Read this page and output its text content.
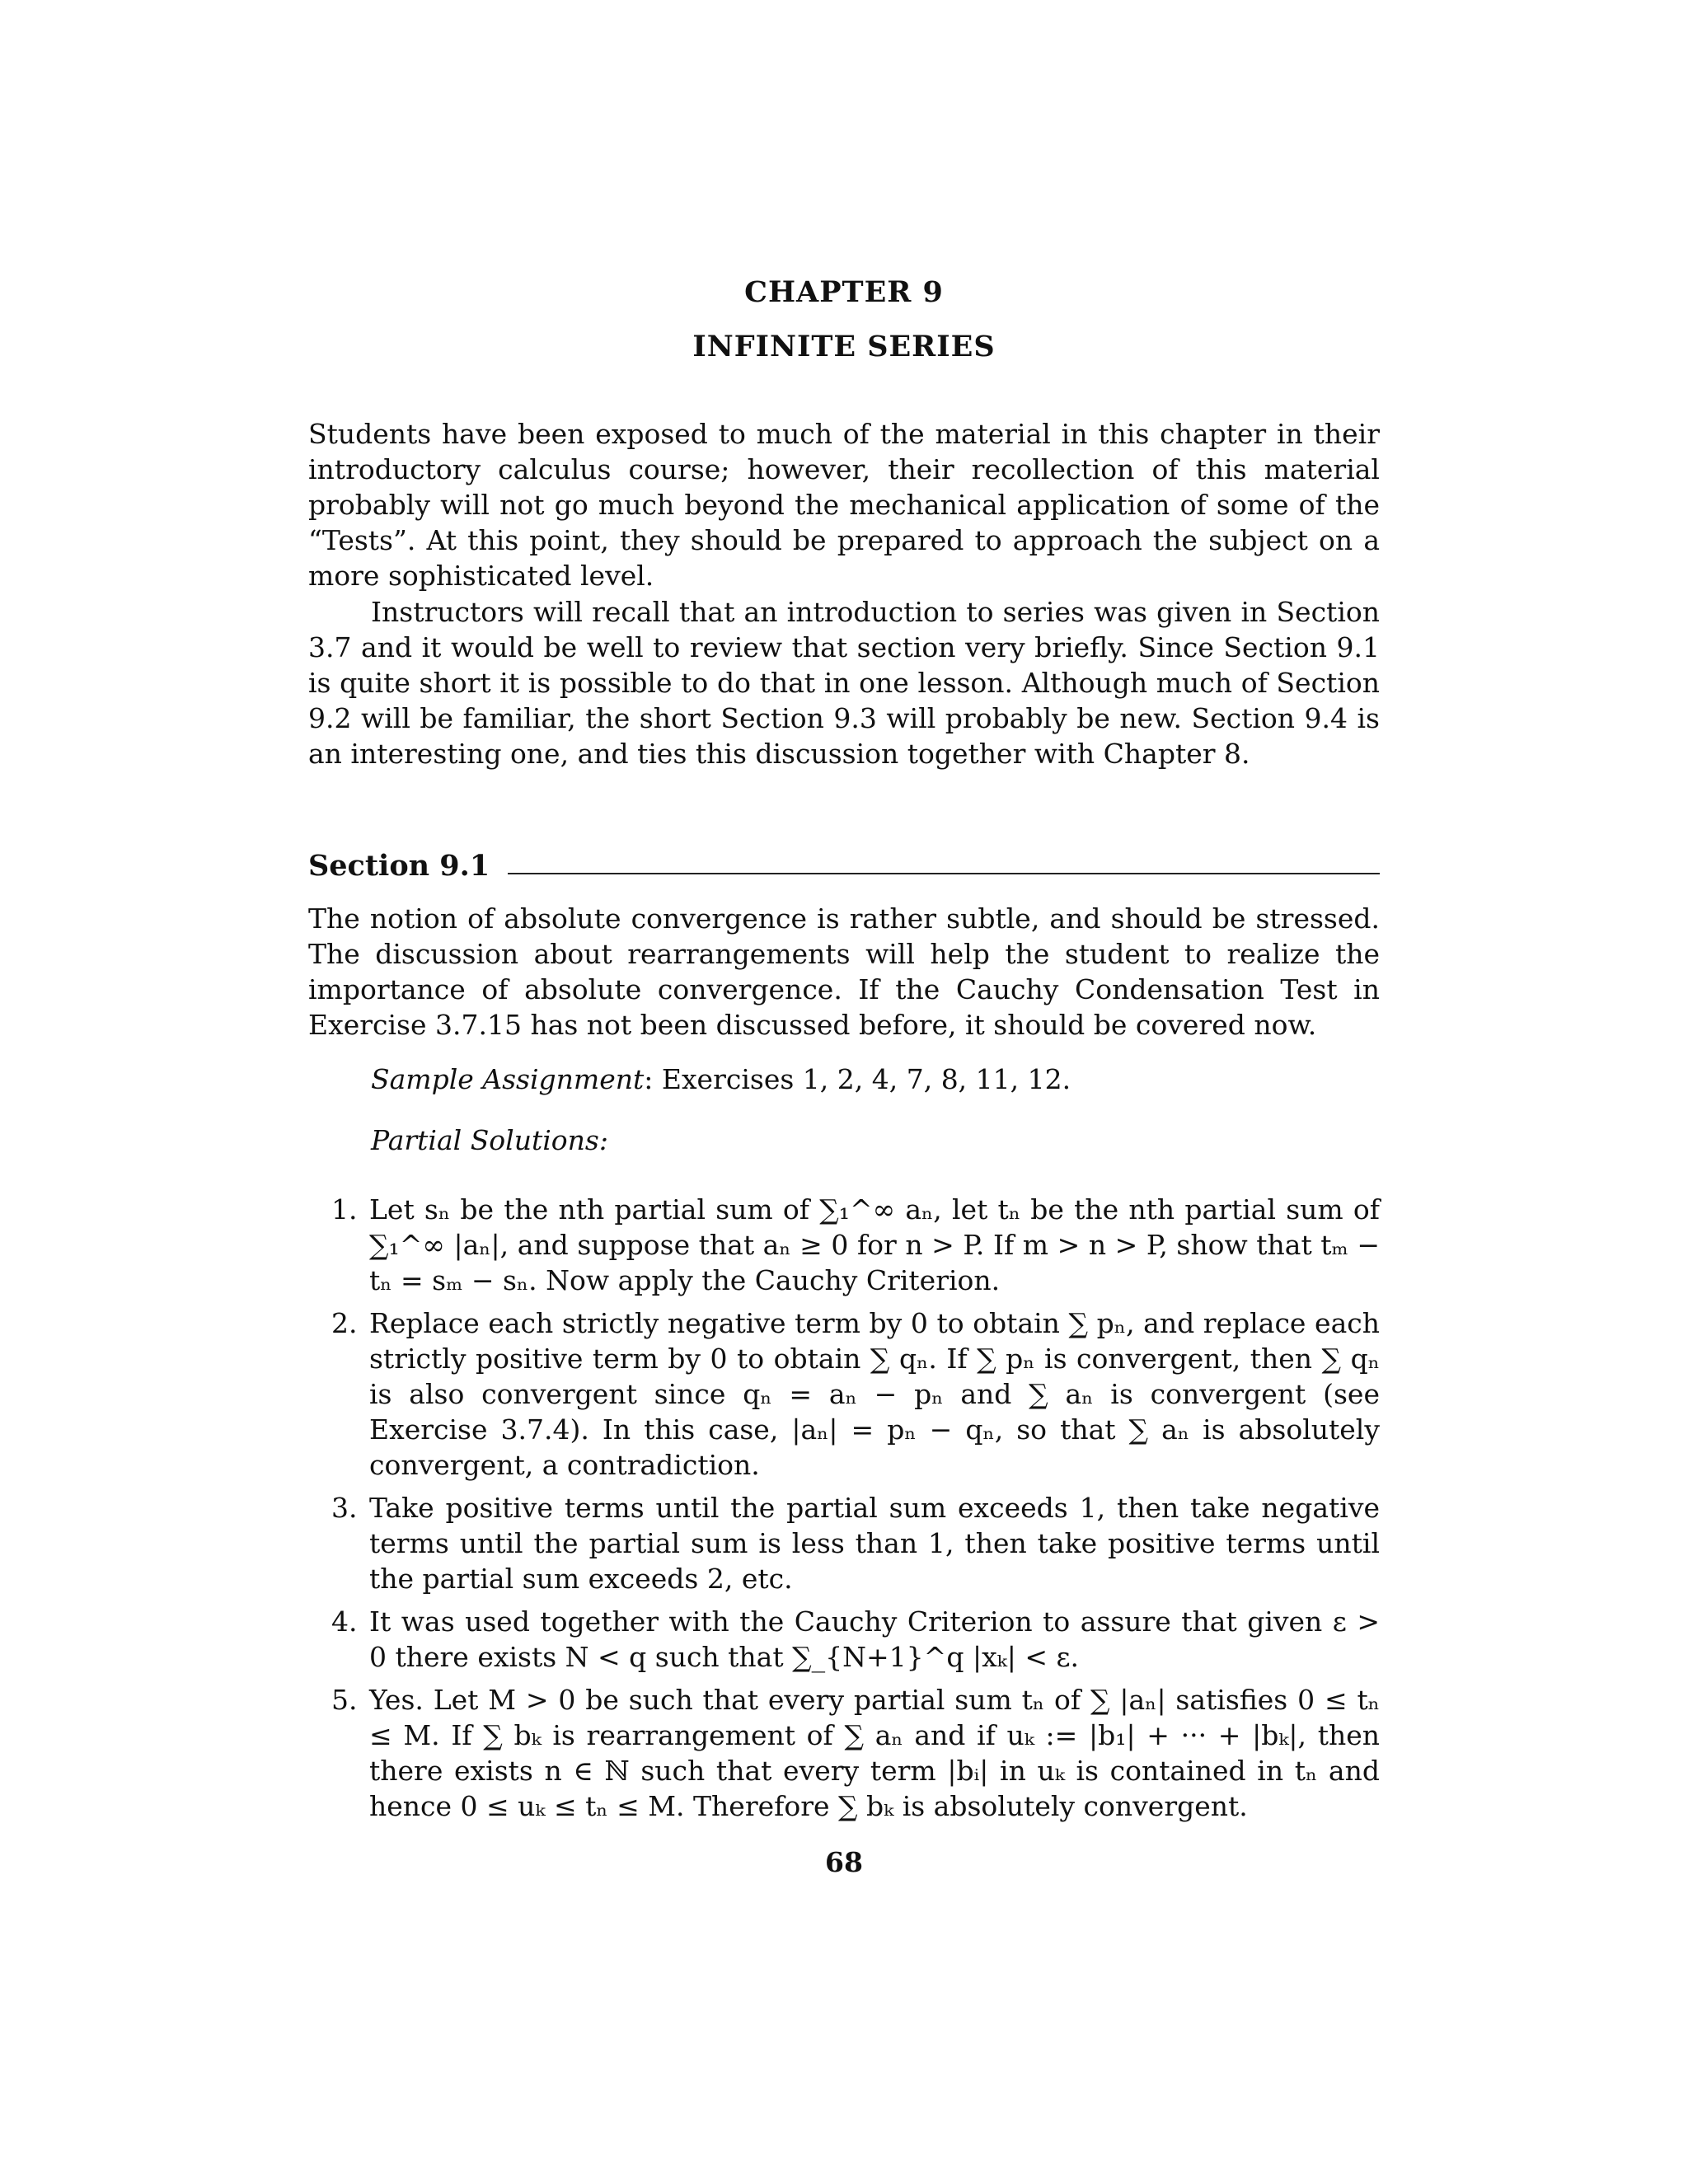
CHAPTER 9
INFINITE SERIES

Students have been exposed to much of the material in this chapter in their introductory calculus course; however, their recollection of this material probably will not go much beyond the mechanical application of some of the “Tests”. At this point, they should be prepared to approach the subject on a more sophisticated level.

Instructors will recall that an introduction to series was given in Section 3.7 and it would be well to review that section very briefly. Since Section 9.1 is quite short it is possible to do that in one lesson. Although much of Section 9.2 will be familiar, the short Section 9.3 will probably be new. Section 9.4 is an interesting one, and ties this discussion together with Chapter 8.

Section 9.1

The notion of absolute convergence is rather subtle, and should be stressed. The discussion about rearrangements will help the student to realize the importance of absolute convergence. If the Cauchy Condensation Test in Exercise 3.7.15 has not been discussed before, it should be covered now.

Sample Assignment: Exercises 1, 2, 4, 7, 8, 11, 12.
Partial Solutions:
1. Let sₙ be the nth partial sum of ∑₁^∞ aₙ, let tₙ be the nth partial sum of ∑₁^∞ |aₙ|, and suppose that aₙ ≥ 0 for n > P. If m > n > P, show that tₘ − tₙ = sₘ − sₙ. Now apply the Cauchy Criterion.
2. Replace each strictly negative term by 0 to obtain ∑ pₙ, and replace each strictly positive term by 0 to obtain ∑ qₙ. If ∑ pₙ is convergent, then ∑ qₙ is also convergent since qₙ = aₙ − pₙ and ∑ aₙ is convergent (see Exercise 3.7.4). In this case, |aₙ| = pₙ − qₙ, so that ∑ aₙ is absolutely convergent, a contradiction.
3. Take positive terms until the partial sum exceeds 1, then take negative terms until the partial sum is less than 1, then take positive terms until the partial sum exceeds 2, etc.
4. It was used together with the Cauchy Criterion to assure that given ε > 0 there exists N < q such that ∑_{N+1}^q |xₖ| < ε.
5. Yes. Let M > 0 be such that every partial sum tₙ of ∑ |aₙ| satisfies 0 ≤ tₙ ≤ M. If ∑ bₖ is rearrangement of ∑ aₙ and if uₖ := |b₁| + ··· + |bₖ|, then there exists n ∈ ℕ such that every term |bᵢ| in uₖ is contained in tₙ and hence 0 ≤ uₖ ≤ tₙ ≤ M. Therefore ∑ bₖ is absolutely convergent.
68
